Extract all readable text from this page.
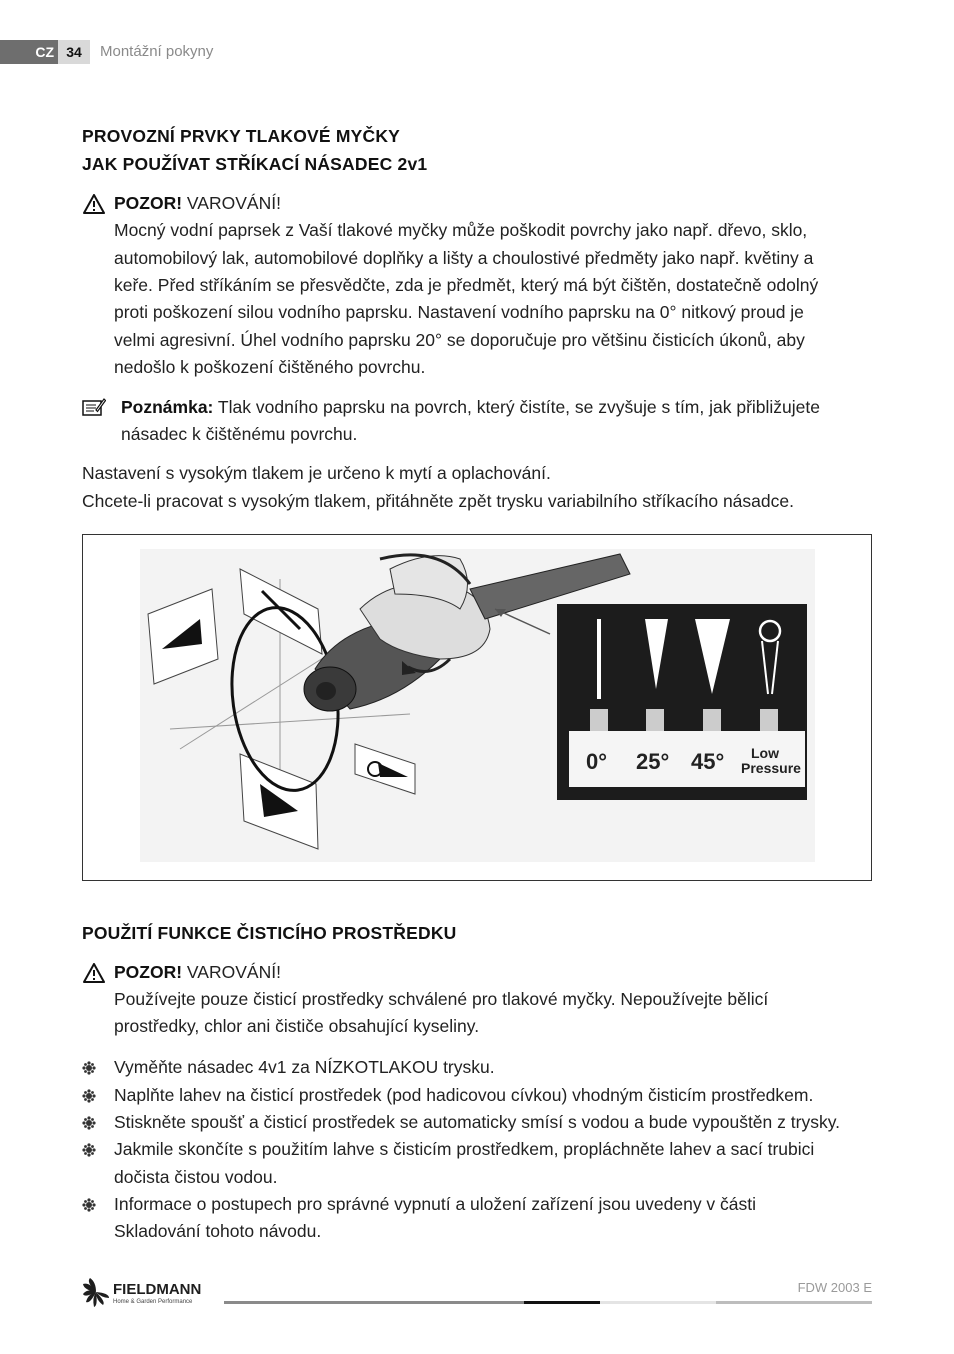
CZ 34	Montážní pokyny
PROVOZNÍ PRVKY TLAKOVÉ MYČKY
JAK POUŽÍVAT STŘÍKACÍ NÁSADEC 2v1
POZOR! VAROVÁNÍ!
Mocný vodní paprsek z Vaší tlakové myčky může poškodit povrchy jako např. dřevo, sklo,
automobilový lak, automobilové doplňky a lišty a choulostivé předměty jako např. květiny a
keře. Před stříkáním se přesvědčte, zda je předmět, který má být čištěn, dostatečně odolný
proti poškození silou vodního paprsku. Nastavení vodního paprsku na 0° nitkový proud je
velmi agresivní. Úhel vodního paprsku 20° se doporučuje pro většinu čisticích úkonů, aby
nedošlo k poškození čištěného povrchu.
Poznámka: Tlak vodního paprsku na povrch, který čistíte, se zvyšuje s tím, jak přibližujete
násadec k čištěnému povrchu.
Nastavení s vysokým tlakem je určeno k mytí a oplachování.
Chcete-li pracovat s vysokým tlakem, přitáhněte zpět trysku variabilního stříkacího násadce.
0° 25° 45° Low
Pressure
POUŽITÍ FUNKCE ČISTICÍHO PROSTŘEDKU
POZOR! VAROVÁNÍ!
Používejte pouze čisticí prostředky schválené pro tlakové myčky. Nepoužívejte bělicí
prostředky, chlor ani čističe obsahující kyseliny.
Vyměňte násadec 4v1 za NÍZKOTLAKOU trysku.
Naplňte lahev na čisticí prostředek (pod hadicovou cívkou) vhodným čisticím prostředkem.
Stiskněte spoušť a čisticí prostředek se automaticky smísí s vodou a bude vypouštěn z trysky.
Jakmile skončíte s použitím lahve s čisticím prostředkem, propláchněte lahev a sací trubici
dočista čistou vodou.
Informace o postupech pro správné vypnutí a uložení zařízení jsou uvedeny v části
Skladování tohoto návodu.
FIELDMANN
Home & Garden Performance
FDW 2003 E
